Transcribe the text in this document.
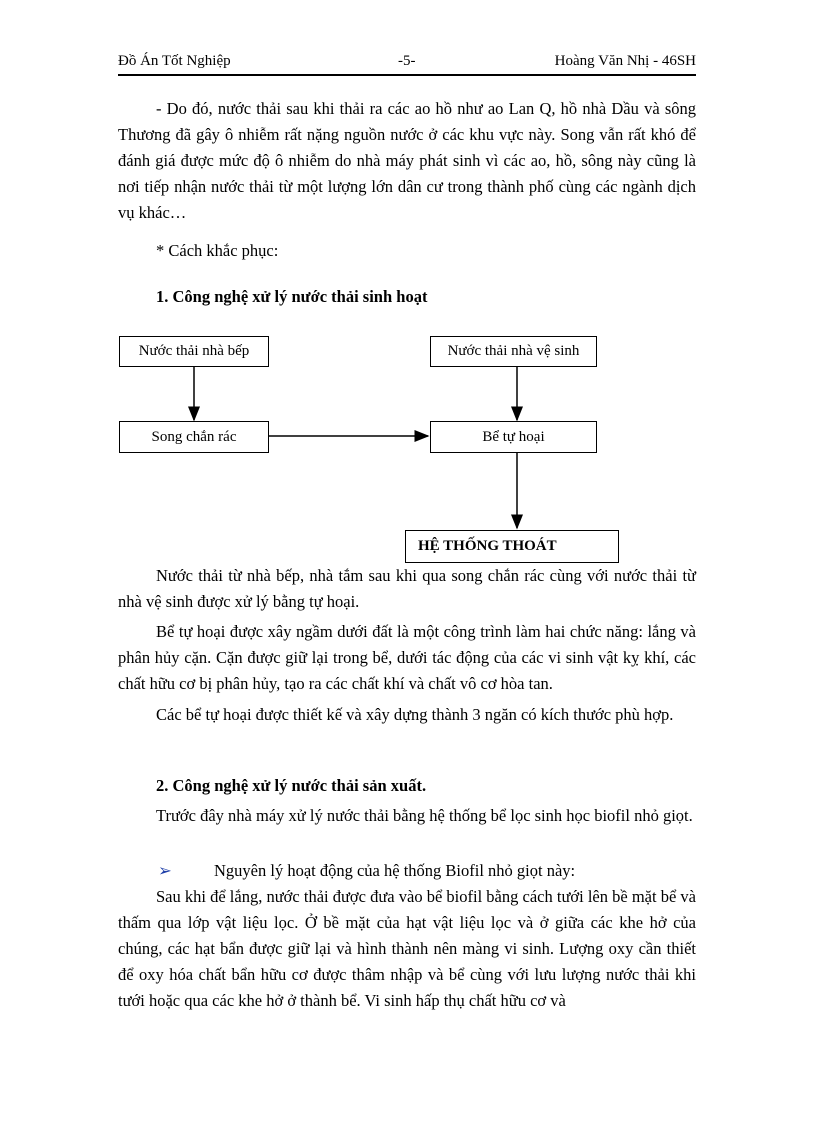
Đồ Án Tốt Nghiệp	-5-	Hoàng Văn Nhị - 46SH

- Do đó, nước thải sau khi thải ra các ao hồ như ao Lan Q, hồ nhà Dầu và sông Thương đã gây ô nhiễm rất nặng nguồn nước ở các khu vực này. Song vẫn rất khó để đánh giá được mức độ ô nhiễm do nhà máy phát sinh vì các ao, hồ, sông này cũng là nơi tiếp nhận nước thải từ một lượng lớn dân cư trong thành phố cùng các ngành dịch vụ khác…

* Cách khắc phục:

1. Công nghệ xử lý nước thải sinh hoạt

Nước thải nhà bếp	Nước thải nhà vệ sinh
Song chắn rác	Bể tự hoại
HỆ THỐNG THOÁT

Nước thải từ nhà bếp, nhà tắm sau khi qua song chắn rác cùng với nước thải từ nhà vệ sinh được xử lý bằng tự hoại.

Bể tự hoại được xây ngầm dưới đất là một công trình làm hai chức năng: lắng và phân hủy cặn. Cặn được giữ lại trong bể, dưới tác động của các vi sinh vật kỵ khí, các chất hữu cơ bị phân hủy, tạo ra các chất khí và chất vô cơ hòa tan.

Các bể tự hoại được thiết kế và xây dựng thành 3 ngăn có kích thước phù hợp.

2. Công nghệ xử lý nước thải sản xuất.

Trước đây nhà máy xử lý nước thải bằng hệ thống bể lọc sinh học biofil nhỏ giọt.

➢	Nguyên lý hoạt động của hệ thống Biofil nhỏ giọt này:

Sau khi để lắng, nước thải được đưa vào bể biofil bằng cách tưới lên bề mặt bể và thấm qua lớp vật liệu lọc. Ở bề mặt của hạt vật liệu lọc và ở giữa các khe hở của chúng, các hạt bẩn được giữ lại và hình thành nên màng vi sinh. Lượng oxy cần thiết để oxy hóa chất bẩn hữu cơ được thâm nhập và bể cùng với lưu lượng nước thải khi tưới hoặc qua các khe hở ở thành bể. Vi sinh hấp thụ chất hữu cơ và
